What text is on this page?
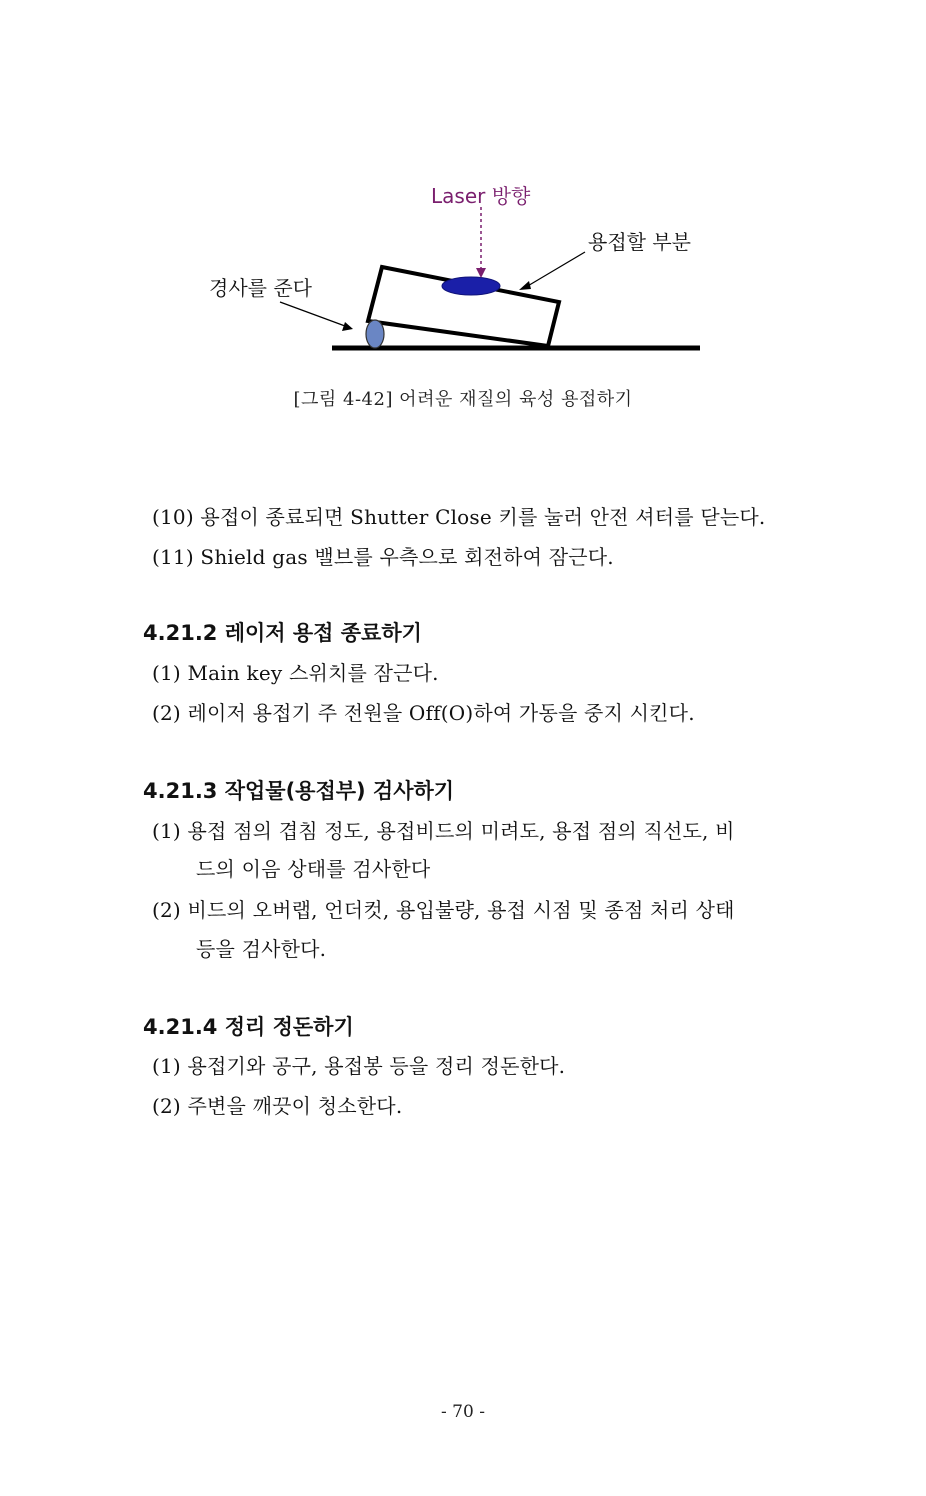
Laser 방향
용접할 부분
경사를 준다
[그림 4-42] 어려운 재질의 육성 용접하기
(10) 용접이 종료되면 Shutter Close 키를 눌러 안전 셔터를 닫는다.
(11) Shield gas 밸브를 우측으로 회전하여 잠근다.
4.21.2 레이저 용접 종료하기
(1) Main key 스위치를 잠근다.
(2) 레이저 용접기 주 전원을 Off(O)하여 가동을 중지 시킨다.
4.21.3 작업물(용접부) 검사하기
(1) 용접 점의 겹침 정도, 용접비드의 미려도, 용접 점의 직선도, 비
드의 이음 상태를 검사한다
(2) 비드의 오버랩, 언더컷, 용입불량, 용접 시점 및 종점 처리 상태
등을 검사한다.
4.21.4 정리 정돈하기
(1) 용접기와 공구, 용접봉 등을 정리 정돈한다.
(2) 주변을 깨끗이 청소한다.
- 70 -
